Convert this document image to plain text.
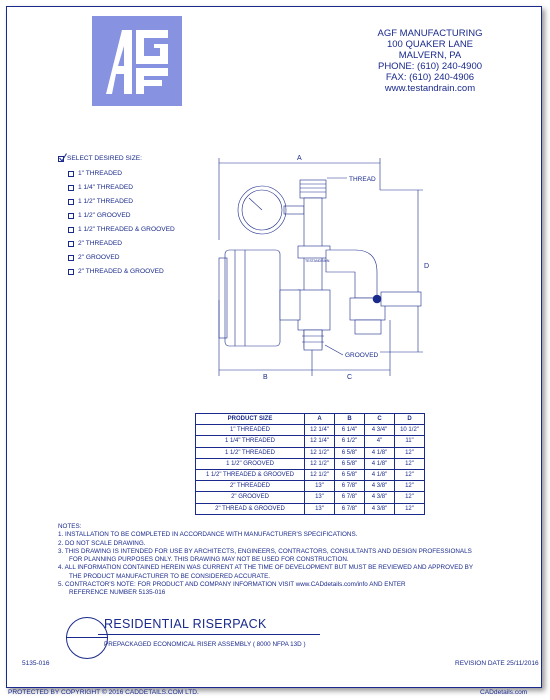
AGF MANUFACTURING
100 QUAKER LANE
MALVERN, PA
PHONE: (610) 240-4900
FAX: (610) 240-4906
www.testandrain.com
SELECT DESIRED SIZE:
1" THREADED
1 1/4" THREADED
1 1/2" THREADED
1 1/2" GROOVED
1 1/2" THREADED & GROOVED
2" THREADED
2" GROOVED
2" THREADED & GROOVED
A
D
B	C
THREAD
GROOVED
TESTANDRAIN
PRODUCT SIZE	A	B	C	D
1" THREADED	12 1/4"	6 1/4"	4 3/4"	10 1/2"
1 1/4" THREADED	12 1/4"	6 1/2"	4"	11"
1 1/2" THREADED	12 1/2"	6 5/8"	4 1/8"	12"
1 1/2" GROOVED	12 1/2"	6 5/8"	4 1/8"	12"
1 1/2" THREADED & GROOVED	12 1/2"	6 5/8"	4 1/8"	12"
2" THREADED	13"	6 7/8"	4 3/8"	12"
2" GROOVED	13"	6 7/8"	4 3/8"	12"
2" THREAD & GROOVED	13"	6 7/8"	4 3/8"	12"
NOTES:
1. INSTALLATION TO BE COMPLETED IN ACCORDANCE WITH MANUFACTURER'S SPECIFICATIONS.
2. DO NOT SCALE DRAWING.
3. THIS DRAWING IS INTENDED FOR USE BY ARCHITECTS, ENGINEERS, CONTRACTORS, CONSULTANTS AND DESIGN PROFESSIONALS
FOR PLANNING PURPOSES ONLY. THIS DRAWING MAY NOT BE USED FOR CONSTRUCTION.
4. ALL INFORMATION CONTAINED HEREIN WAS CURRENT AT THE TIME OF DEVELOPMENT BUT MUST BE REVIEWED AND APPROVED BY
THE PRODUCT MANUFACTURER TO BE CONSIDERED ACCURATE.
5. CONTRACTOR'S NOTE: FOR PRODUCT AND COMPANY INFORMATION VISIT www.CADdetails.com/info AND ENTER
REFERENCE NUMBER 5135-016
RESIDENTIAL RISERPACK
PREPACKAGED ECONOMICAL RISER ASSEMBLY ( 8000 NFPA 13D )
5135-016	REVISION DATE 25/11/2016
PROTECTED BY COPYRIGHT © 2016 CADDETAILS.COM LTD.	CADdetails.com
